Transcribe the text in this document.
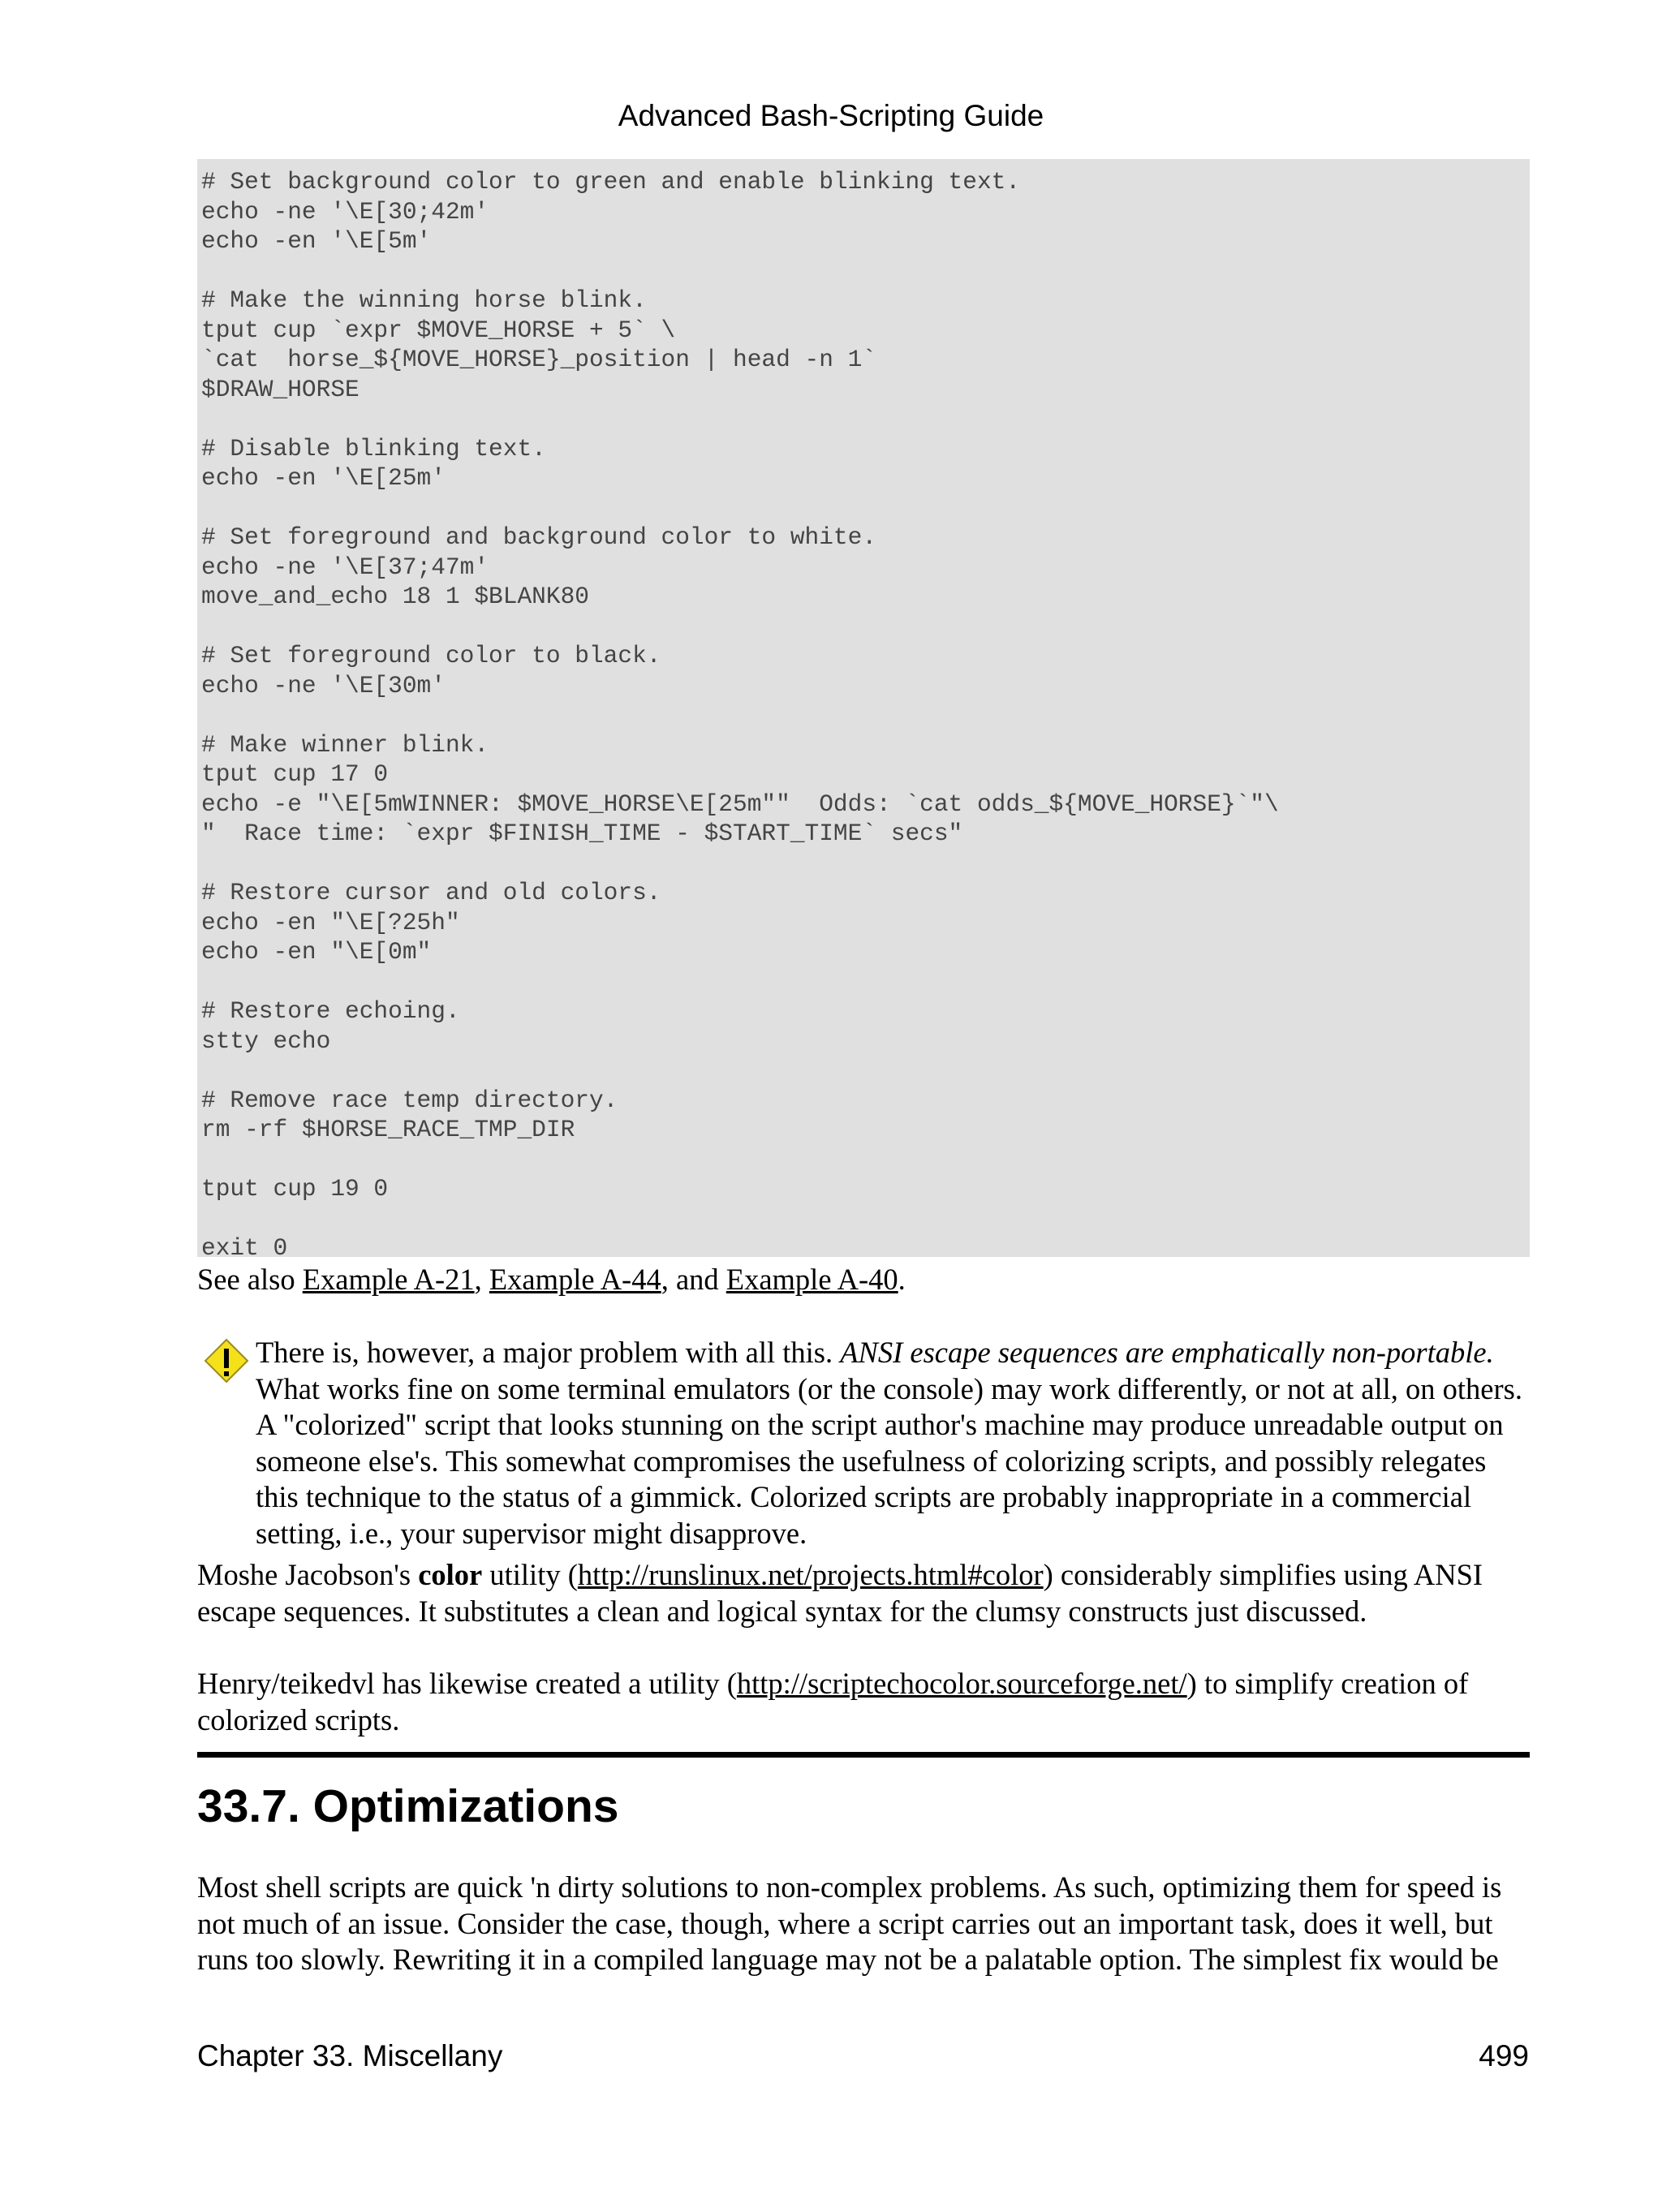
Advanced Bash-Scripting Guide
# Set background color to green and enable blinking text.
echo -ne '\E[30;42m'
echo -en '\E[5m'
# Make the winning horse blink.
tput cup `expr $MOVE_HORSE + 5` \
`cat  horse_${MOVE_HORSE}_position | head -n 1`
$DRAW_HORSE
# Disable blinking text.
echo -en '\E[25m'
# Set foreground and background color to white.
echo -ne '\E[37;47m'
move_and_echo 18 1 $BLANK80
# Set foreground color to black.
echo -ne '\E[30m'
# Make winner blink.
tput cup 17 0
echo -e "\E[5mWINNER: $MOVE_HORSE\E[25m""  Odds: `cat odds_${MOVE_HORSE}`"\
"  Race time: `expr $FINISH_TIME - $START_TIME` secs"
# Restore cursor and old colors.
echo -en "\E[?25h"
echo -en "\E[0m"
# Restore echoing.
stty echo
# Remove race temp directory.
rm -rf $HORSE_RACE_TMP_DIR
tput cup 19 0
exit 0
See also Example A-21, Example A-44, and Example A-40.
There is, however, a major problem with all this. ANSI escape sequences are emphatically non-portable. What works fine on some terminal emulators (or the console) may work differently, or not at all, on others. A "colorized" script that looks stunning on the script author's machine may produce unreadable output on someone else's. This somewhat compromises the usefulness of colorizing scripts, and possibly relegates this technique to the status of a gimmick. Colorized scripts are probably inappropriate in a commercial setting, i.e., your supervisor might disapprove.
Moshe Jacobson's color utility (http://runslinux.net/projects.html#color) considerably simplifies using ANSI escape sequences. It substitutes a clean and logical syntax for the clumsy constructs just discussed.
Henry/teikedvl has likewise created a utility (http://scriptechocolor.sourceforge.net/) to simplify creation of colorized scripts.
33.7. Optimizations
Most shell scripts are quick 'n dirty solutions to non-complex problems. As such, optimizing them for speed is not much of an issue. Consider the case, though, where a script carries out an important task, does it well, but runs too slowly. Rewriting it in a compiled language may not be a palatable option. The simplest fix would be
Chapter 33. Miscellany	499
